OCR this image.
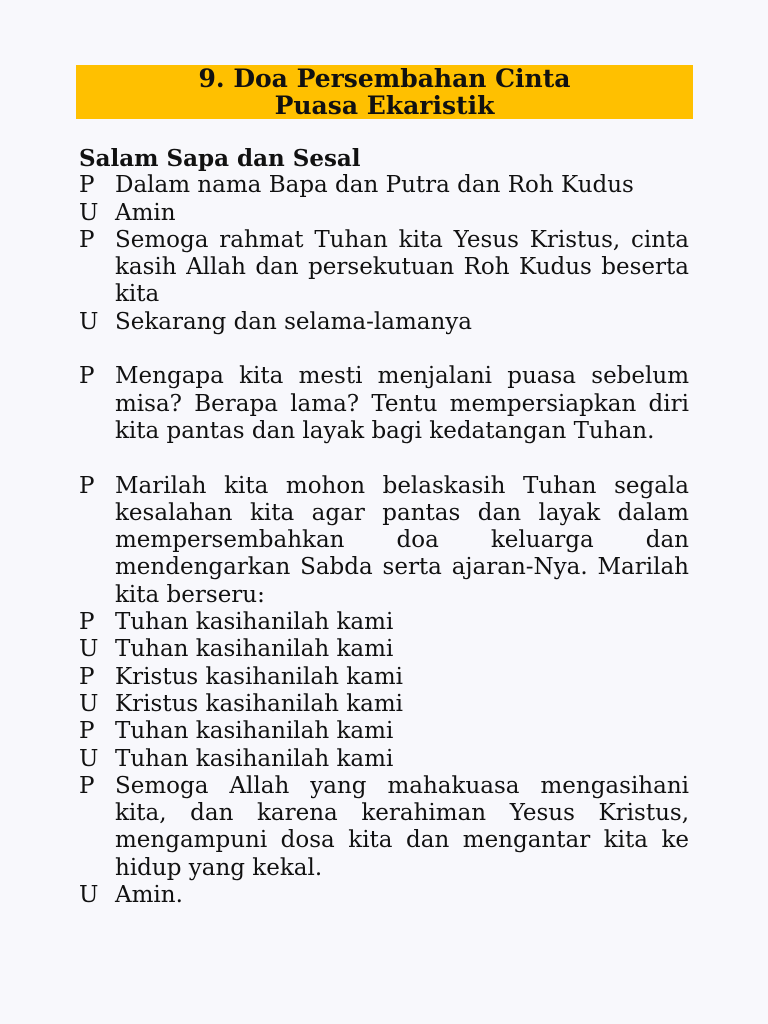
9. Doa Persembahan Cinta
Puasa Ekaristik
Salam Sapa dan Sesal
P Dalam nama Bapa dan Putra dan Roh Kudus
U Amin
P Semoga rahmat Tuhan kita Yesus Kristus, cinta kasih Allah dan persekutuan Roh Kudus beserta kita
U Sekarang dan selama-lamanya
P Mengapa kita mesti menjalani puasa sebelum misa? Berapa lama? Tentu mempersiapkan diri kita pantas dan layak bagi kedatangan Tuhan.
P Marilah kita mohon belaskasih Tuhan segala kesalahan kita agar pantas dan layak dalam mempersembahkan doa keluarga dan mendengarkan Sabda serta ajaran-Nya. Marilah kita berseru:
P Tuhan kasihanilah kami
U Tuhan kasihanilah kami
P Kristus kasihanilah kami
U Kristus kasihanilah kami
P Tuhan kasihanilah kami
U Tuhan kasihanilah kami
P Semoga Allah yang mahakuasa mengasihani kita, dan karena kerahiman Yesus Kristus, mengampuni dosa kita dan mengantar kita ke hidup yang kekal.
U Amin.
